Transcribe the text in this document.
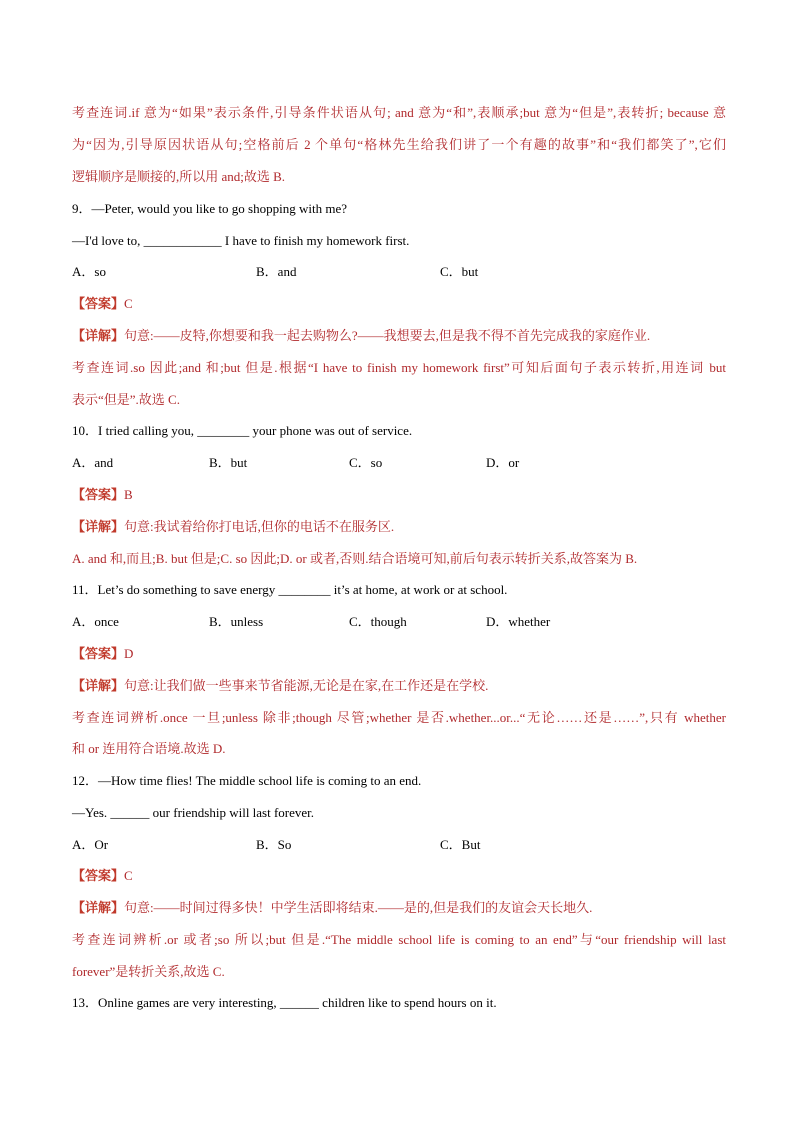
考查连词.if 意为“如果”表示条件,引导条件状语从句; and 意为“和”,表顺承;but 意为“但是”,表转折; because 意
为“因为,引导原因状语从句;空格前后 2 个单句“格林先生给我们讲了一个有趣的故事”和“我们都笑了”,它们
逻辑顺序是顺接的,所以用 and;故选 B.
9．—Peter, would you like to go shopping with me?
—I'd love to, ____________ I have to finish my homework first.
A．so	B．and	C．but
【答案】C
【详解】句意:——皮特,你想要和我一起去购物么?——我想要去,但是我不得不首先完成我的家庭作业.
考查连词.so 因此;and 和;but 但是.根据“I have to finish my homework first”可知后面句子表示转折,用连词 but
表示“但是”.故选 C.
10．I tried calling you, ________ your phone was out of service.
A．and	B．but	C．so	D．or
【答案】B
【详解】句意:我试着给你打电话,但你的电话不在服务区.
A. and 和,而且;B. but 但是;C. so 因此;D. or 或者,否则.结合语境可知,前后句表示转折关系,故答案为 B.
11．Let’s do something to save energy ________ it’s at home, at work or at school.
A．once	B．unless	C．though	D．whether
【答案】D
【详解】句意:让我们做一些事来节省能源,无论是在家,在工作还是在学校.
考查连词辨析.once 一旦;unless 除非;though 尽管;whether 是否.whether...or...“无论……还是……”,只有 whether
和 or 连用符合语境.故选 D.
12．—How time flies! The middle school life is coming to an end.
—Yes. ______ our friendship will last forever.
A．Or	B．So	C．But
【答案】C
【详解】句意:——时间过得多快！中学生活即将结束.——是的,但是我们的友谊会天长地久.
考查连词辨析.or 或者;so 所以;but 但是.“The middle school life is coming to an end”与“our friendship will last
forever”是转折关系,故选 C.
13．Online games are very interesting, ______ children like to spend hours on it.
